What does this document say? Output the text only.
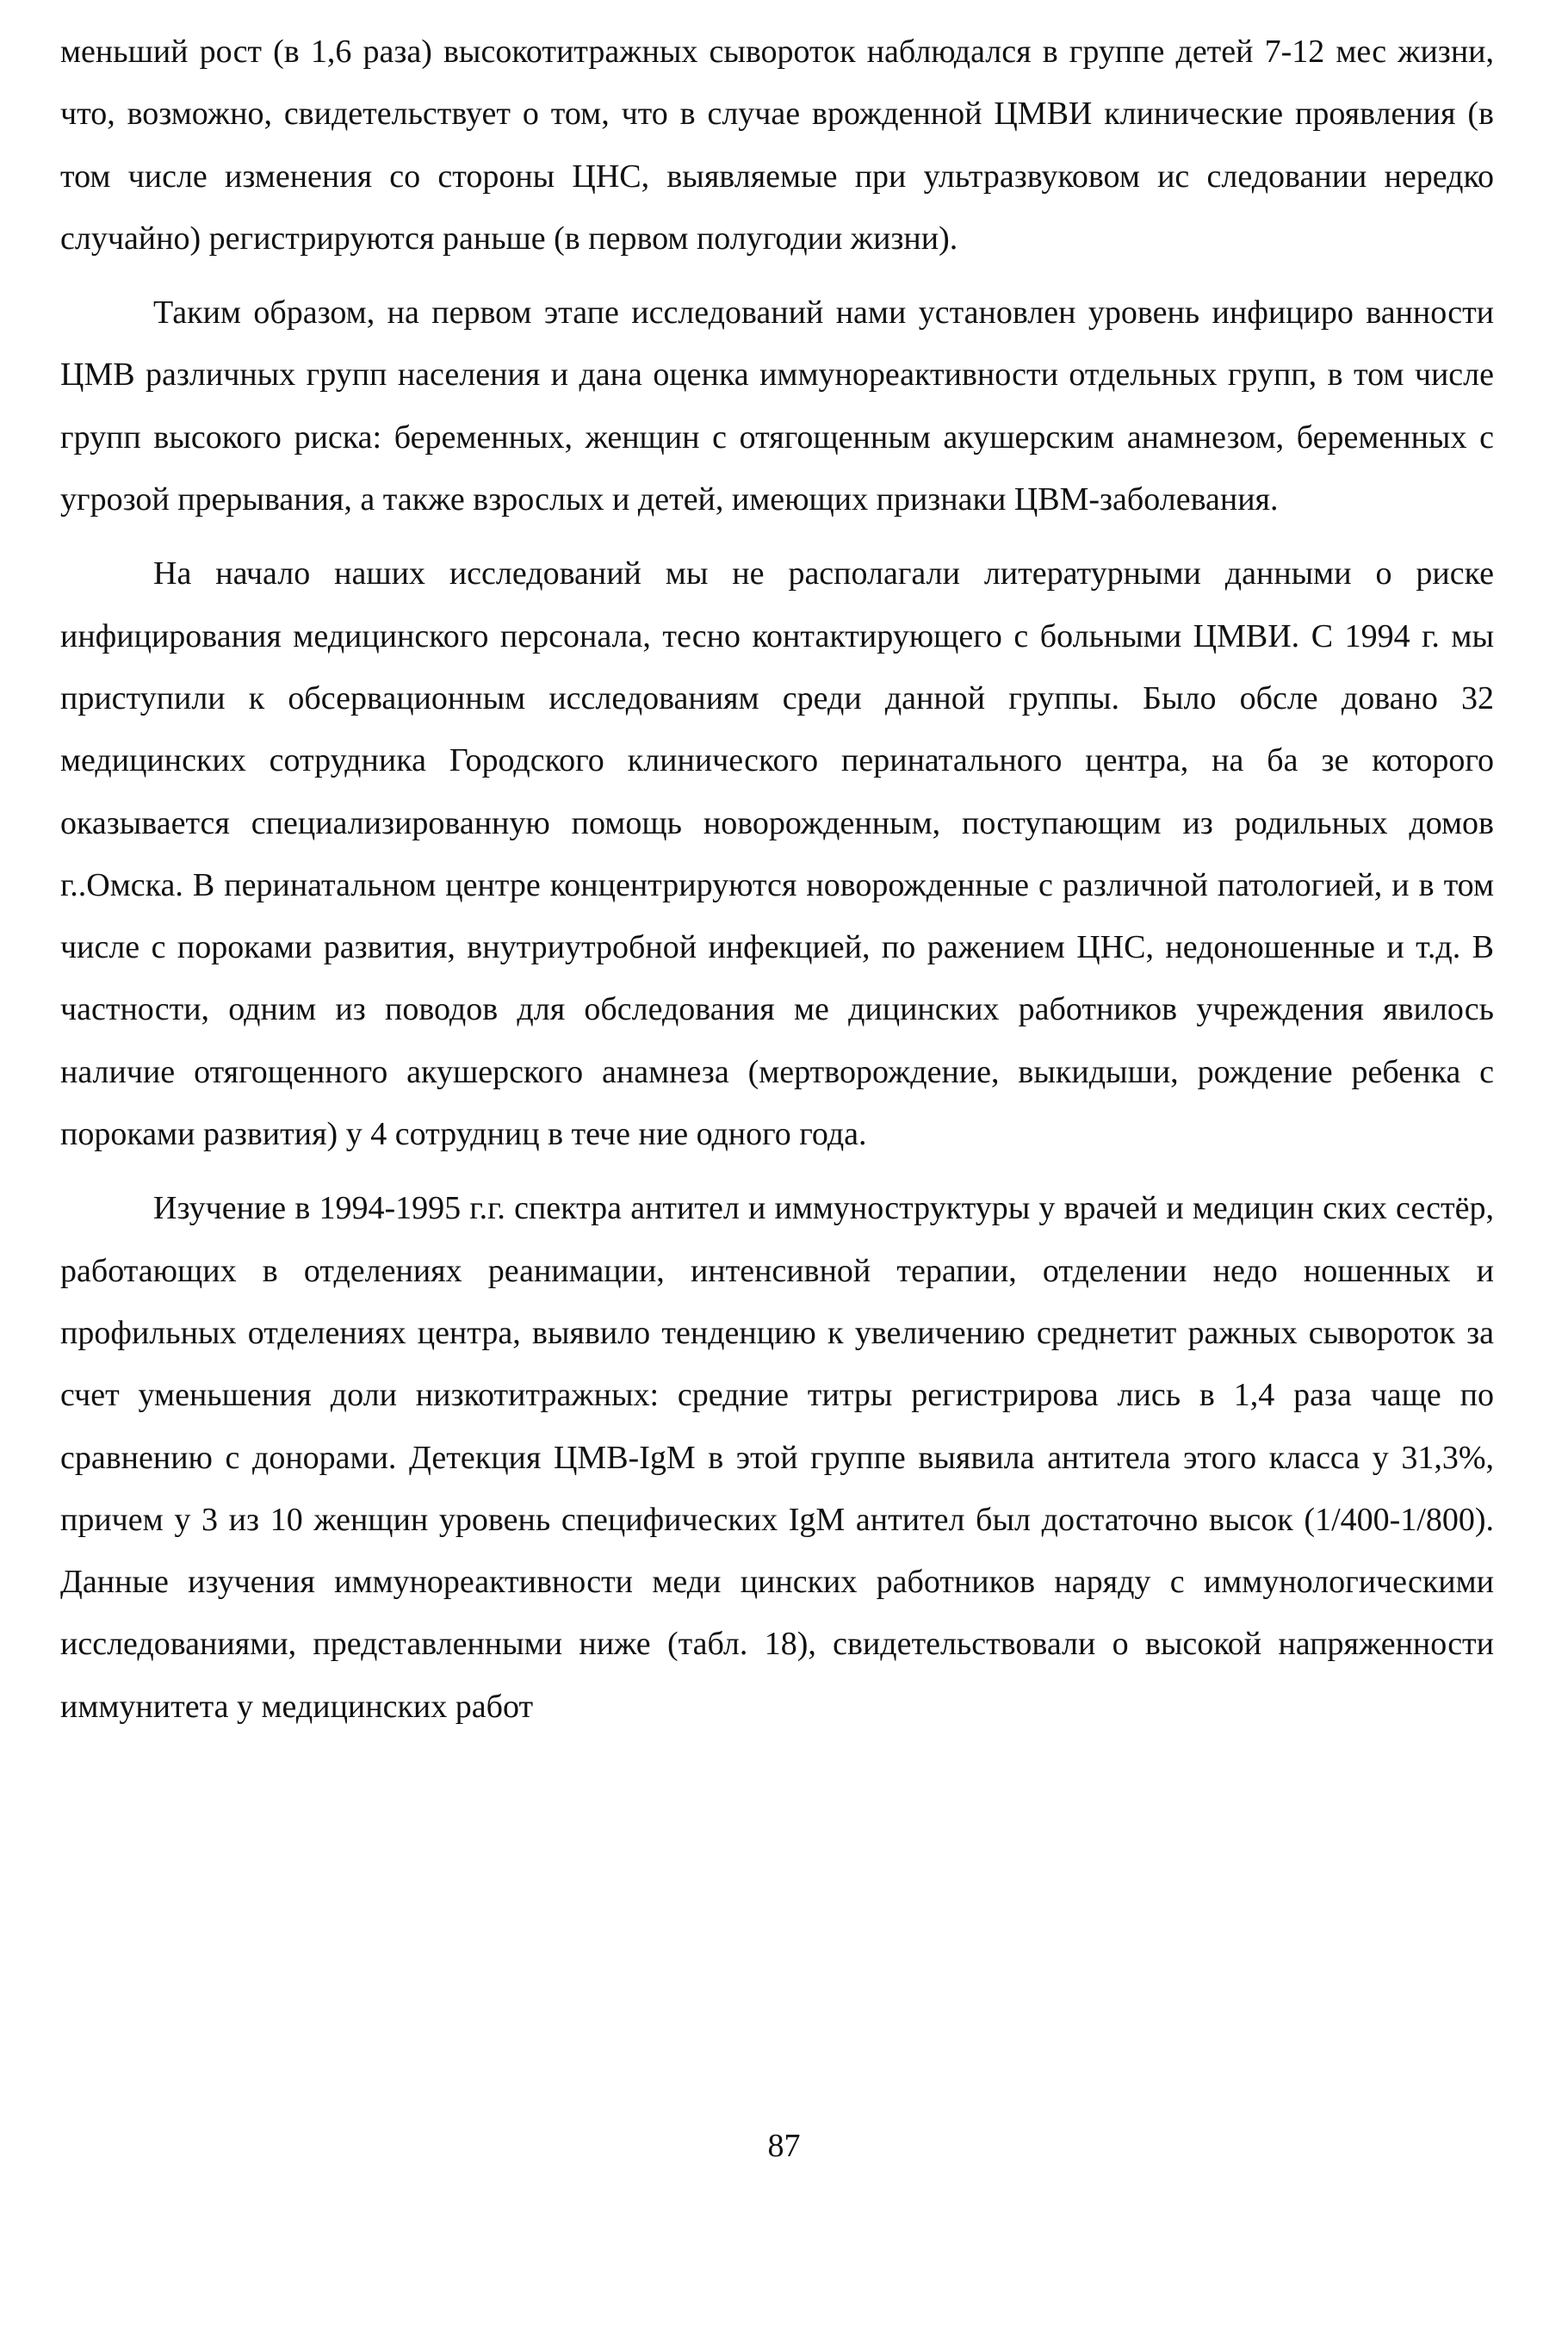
меньший рост (в 1,6 раза) высокотитражных сывороток наблюдался в группе детей 7-12 мес жизни, что, возможно, свидетельствует о том, что в случае врожденной ЦМВИ клинические проявления (в том числе изменения со стороны ЦНС, выявляемые при ультразвуковом ис следовании нередко случайно) регистрируются раньше (в первом полугодии жизни).

Таким образом, на первом этапе исследований нами установлен уровень инфициро ванности ЦМВ различных групп населения и дана оценка иммунореактивности отдельных групп, в том числе групп высокого риска: беременных, женщин с отягощенным акушерским анамнезом, беременных с угрозой прерывания, а также взрослых и детей, имеющих признаки ЦВМ-заболевания.

На начало наших исследований мы не располагали литературными данными о риске инфицирования медицинского персонала, тесно контактирующего с больными ЦМВИ. С 1994 г. мы приступили к обсервационным исследованиям среди данной группы. Было обсле довано 32 медицинских сотрудника Городского клинического перинатального центра, на ба зе которого оказывается специализированную помощь новорожденным, поступающим из родильных домов г..Омска. В перинатальном центре концентрируются новорожденные с различной патологией, и в том числе с пороками развития, внутриутробной инфекцией, по ражением ЦНС, недоношенные и т.д. В частности, одним из поводов для обследования ме дицинских работников учреждения явилось наличие отягощенного акушерского анамнеза (мертворождение, выкидыши, рождение ребенка с пороками развития) у 4 сотрудниц в тече ние одного года.

Изучение в 1994-1995 г.г. спектра антител и иммуноструктуры у врачей и медицин ских сестёр, работающих в отделениях реанимации, интенсивной терапии, отделении недо ношенных и профильных отделениях центра, выявило тенденцию к увеличению среднетит ражных сывороток за счет уменьшения доли низкотитражных: средние титры регистрирова лись в 1,4 раза чаще по сравнению с донорами. Детекция ЦМВ-IgM в этой группе выявила антитела этого класса у 31,3%, причем у 3 из 10 женщин уровень специфических IgM антител был достаточно высок (1/400-1/800). Данные изучения иммунореактивности меди цинских работников наряду с иммунологическими исследованиями, представленными ниже (табл. 18), свидетельствовали о высокой напряженности иммунитета у медицинских работ

87
